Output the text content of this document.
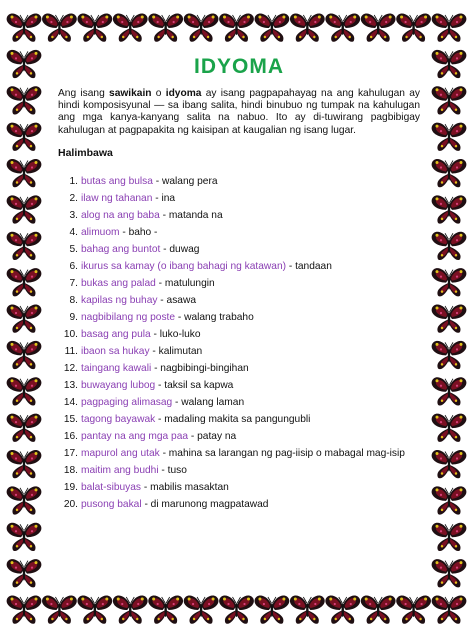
IDYOMA

Ang isang sawikain o idyoma ay isang pagpapahayag na ang kahulugan ay hindi komposisyunal — sa ibang salita, hindi binubuo ng tumpak na kahulugan ang mga kanya-kanyang salita na nabuo. Ito ay di-tuwirang pagbibigay kahulugan at pagpapakita ng kaisipan at kaugalian ng isang lugar.

Halimbawa
1. butas ang bulsa - walang pera
2. ilaw ng tahanan - ina
3. alog na ang baba - matanda na
4. alimuom - baho -
5. bahag ang buntot - duwag
6. ikurus sa kamay (o ibang bahagi ng katawan) - tandaan
7. bukas ang palad - matulungin
8. kapilas ng buhay - asawa
9. nagbibilang ng poste - walang trabaho
10. basag ang pula - luko-luko
11. ibaon sa hukay - kalimutan
12. taingang kawali - nagbibingi-bingihan
13. buwayang lubog - taksil sa kapwa
14. pagpaging alimasag - walang laman
15. tagong bayawak - madaling makita sa pangungubli
16. pantay na ang mga paa - patay na
17. mapurol ang utak - mahina sa larangan ng pag-iisip o mabagal mag-isip
18. maitim ang budhi - tuso
19. balat-sibuyas - mabilis masaktan
20. pusong bakal - di marunong magpatawad
